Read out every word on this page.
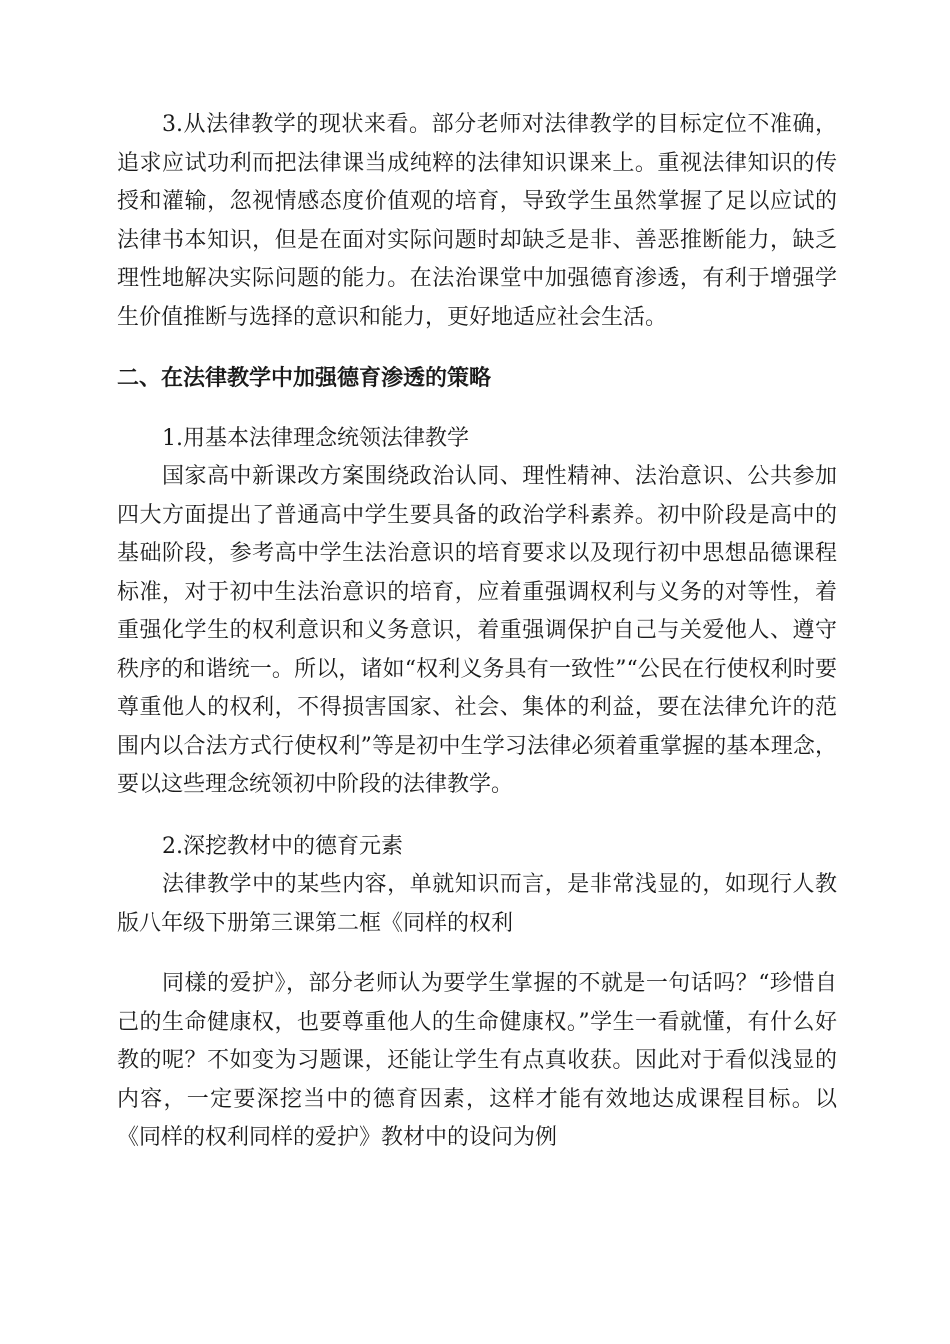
3.从法律教学的现状来看。部分老师对法律教学的目标定位不准确，追求应试功利而把法律课当成纯粹的法律知识课来上。重视法律知识的传授和灌输，忽视情感态度价值观的培育，导致学生虽然掌握了足以应试的法律书本知识，但是在面对实际问题时却缺乏是非、善恶推断能力，缺乏理性地解决实际问题的能力。在法治课堂中加强德育渗透，有利于增强学生价值推断与选择的意识和能力，更好地适应社会生活。

二、在法律教学中加强德育渗透的策略

1.用基本法律理念统领法律教学

国家高中新课改方案围绕政治认同、理性精神、法治意识、公共参加四大方面提出了普通高中学生要具备的政治学科素养。初中阶段是高中的基础阶段，参考高中学生法治意识的培育要求以及现行初中思想品德课程标准，对于初中生法治意识的培育，应着重强调权利与义务的对等性，着重强化学生的权利意识和义务意识，着重强调保护自己与关爱他人、遵守秩序的和谐统一。所以，诸如“权利义务具有一致性”“公民在行使权利时要尊重他人的权利，不得损害国家、社会、集体的利益，要在法律允许的范围内以合法方式行使权利”等是初中生学习法律必须着重掌握的基本理念，要以这些理念统领初中阶段的法律教学。

2.深挖教材中的德育元素

法律教学中的某些内容，单就知识而言，是非常浅显的，如现行人教版八年级下册第三课第二框《同样的权利

同樣的爱护》，部分老师认为要学生掌握的不就是一句话吗？“珍惜自己的生命健康权，也要尊重他人的生命健康权。”学生一看就懂，有什么好教的呢？不如变为习题课，还能让学生有点真收获。因此对于看似浅显的内容，一定要深挖当中的德育因素，这样才能有效地达成课程目标。以《同样的权利同样的爱护》教材中的设问为例
